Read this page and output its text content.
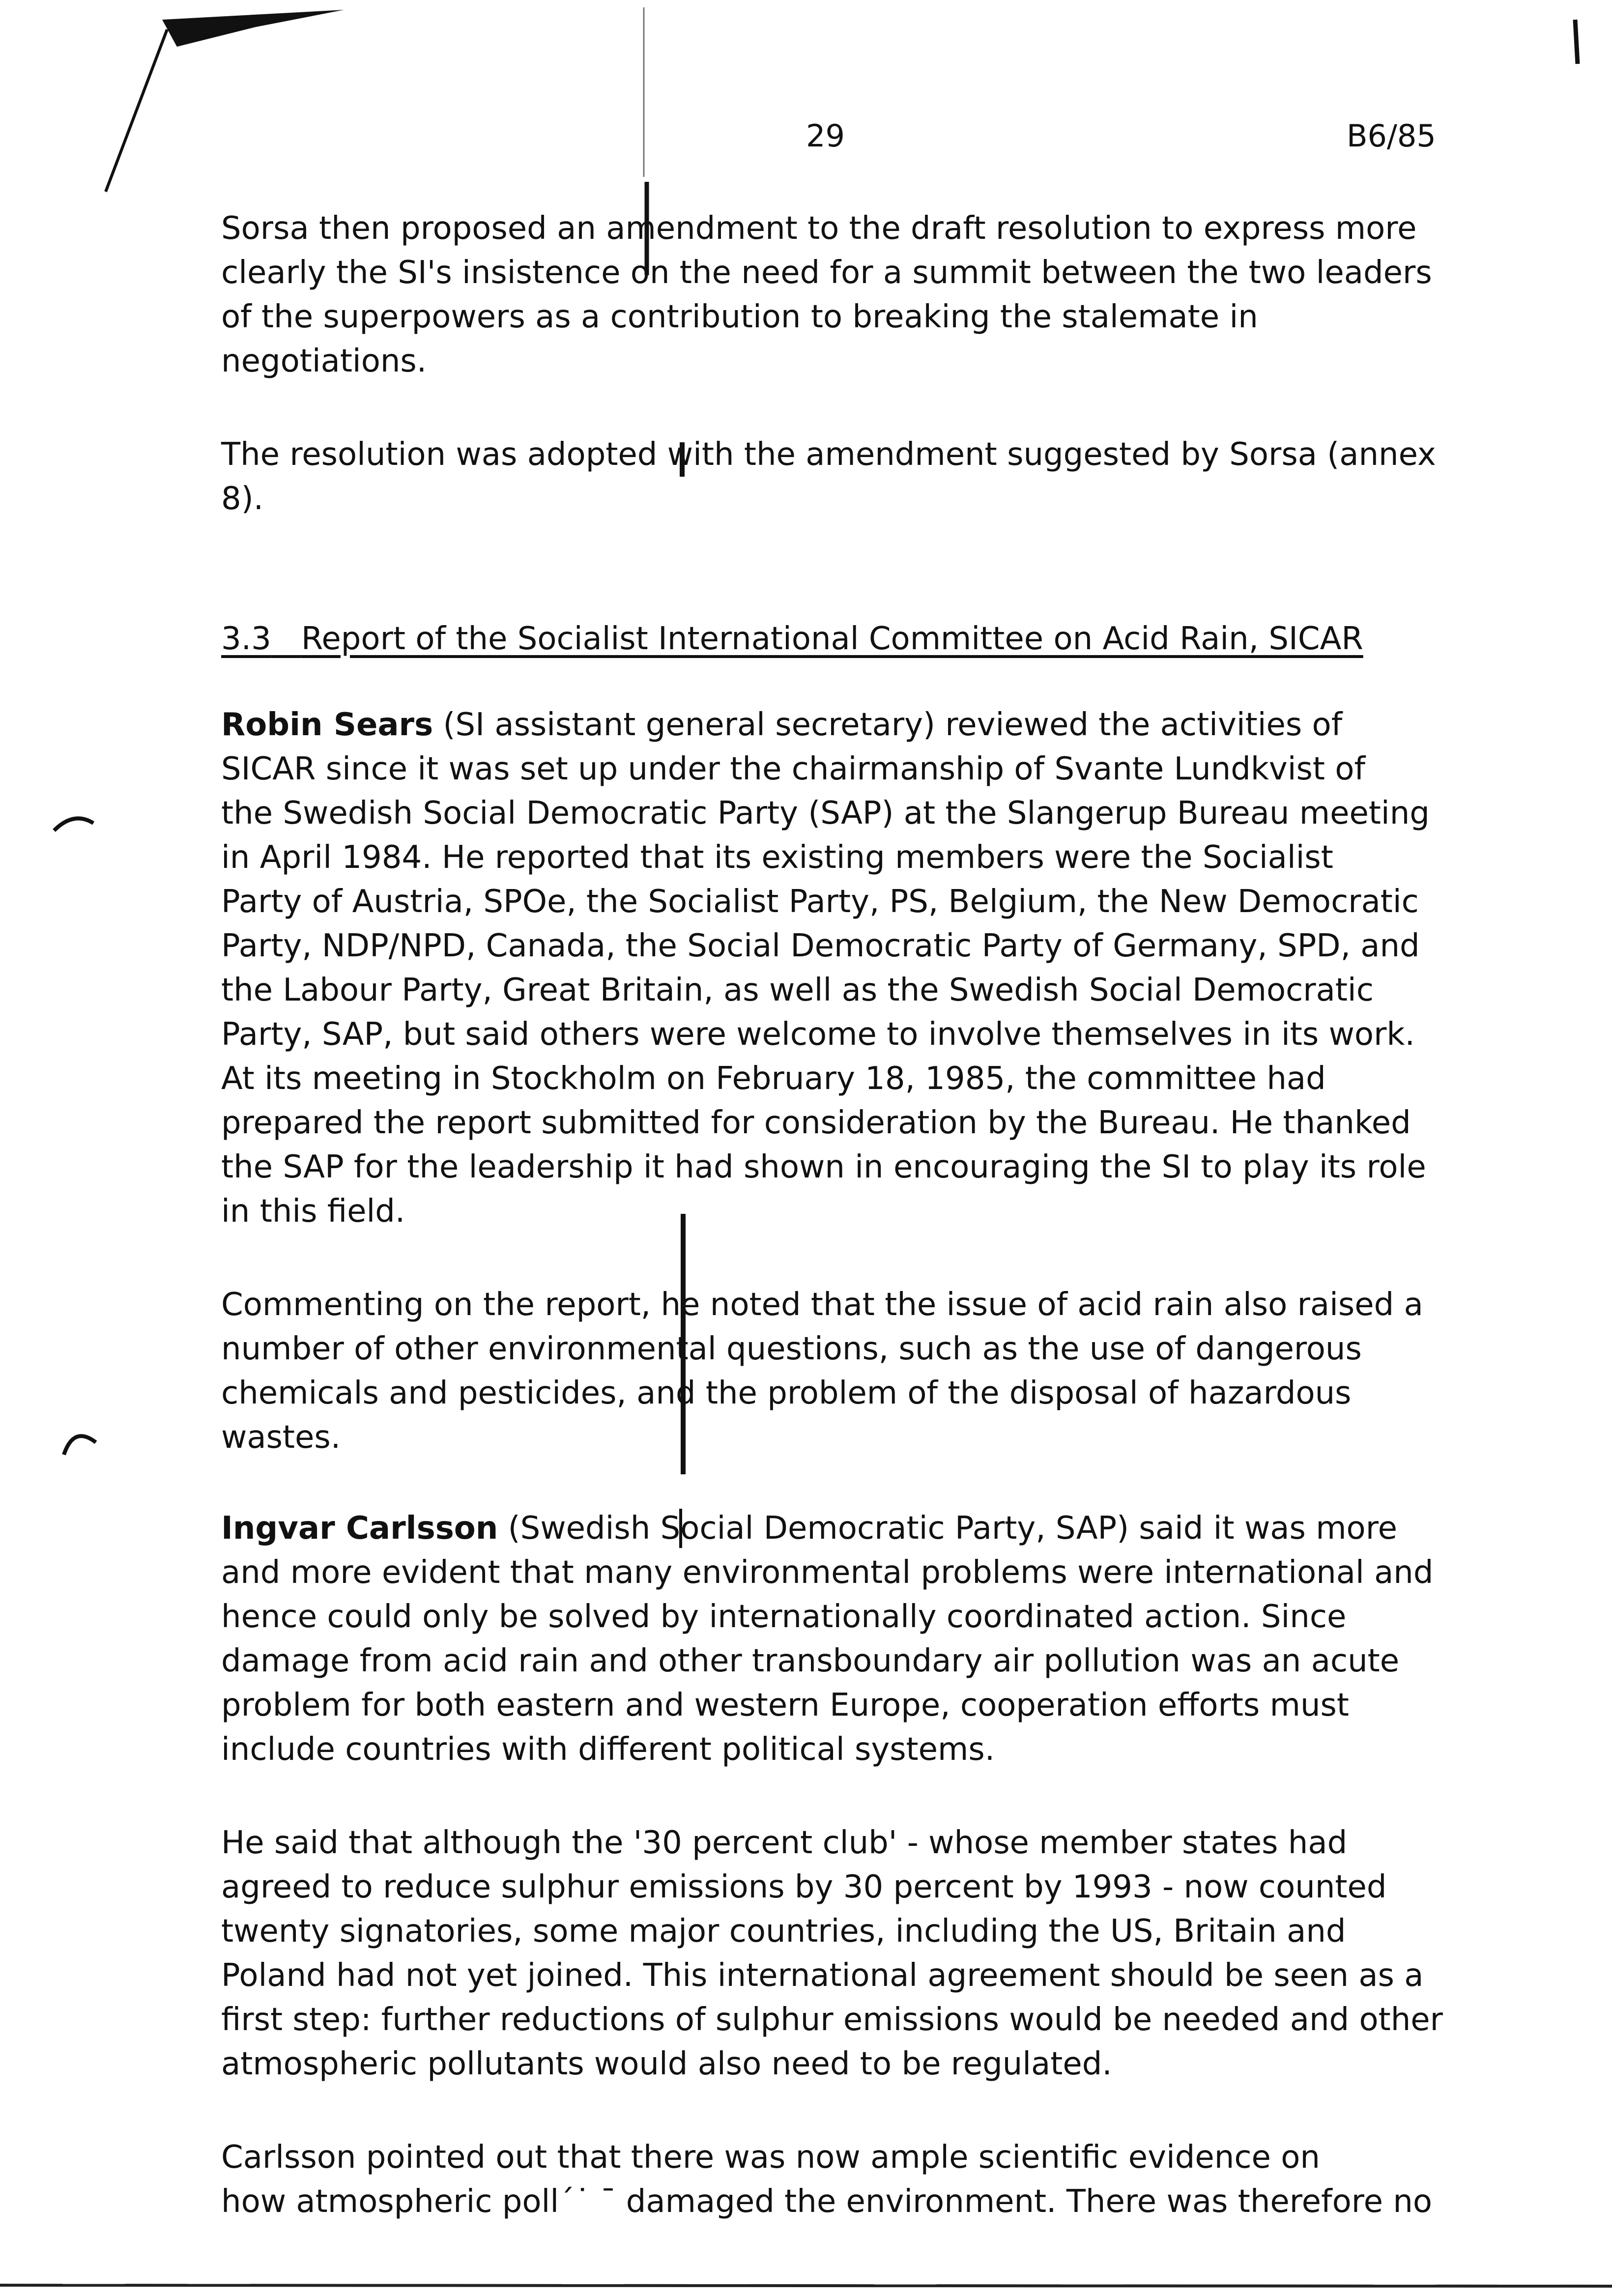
29	B6/85
Sorsa then proposed an amendment to the draft resolution to express more
clearly the SI's insistence on the need for a summit between the two leaders
of the superpowers as a contribution to breaking the stalemate in
negotiations.
The resolution was adopted with the amendment suggested by Sorsa (annex
8).
3.3 Report of the Socialist International Committee on Acid Rain, SICAR
Robin Sears (SI assistant general secretary) reviewed the activities of
SICAR since it was set up under the chairmanship of Svante Lundkvist of
the Swedish Social Democratic Party (SAP) at the Slangerup Bureau meeting
in April 1984. He reported that its existing members were the Socialist
Party of Austria, SPOe, the Socialist Party, PS, Belgium, the New Democratic
Party, NDP/NPD, Canada, the Social Democratic Party of Germany, SPD, and
the Labour Party, Great Britain, as well as the Swedish Social Democratic
Party, SAP, but said others were welcome to involve themselves in its work.
At its meeting in Stockholm on February 18, 1985, the committee had
prepared the report submitted for consideration by the Bureau. He thanked
the SAP for the leadership it had shown in encouraging the SI to play its role
in this field.
Commenting on the report, he noted that the issue of acid rain also raised a
number of other environmental questions, such as the use of dangerous
chemicals and pesticides, and the problem of the disposal of hazardous
wastes.
Ingvar Carlsson (Swedish Social Democratic Party, SAP) said it was more
and more evident that many environmental problems were international and
hence could only be solved by internationally coordinated action. Since
damage from acid rain and other transboundary air pollution was an acute
problem for both eastern and western Europe, cooperation efforts must
include countries with different political systems.
He said that although the '30 percent club' - whose member states had
agreed to reduce sulphur emissions by 30 percent by 1993 - now counted
twenty signatories, some major countries, including the US, Britain and
Poland had not yet joined. This international agreement should be seen as a
first step: further reductions of sulphur emissions would be needed and other
atmospheric pollutants would also need to be regulated.
Carlsson pointed out that there was now ample scientific evidence on
how atmospheric poll´˙ ˉ damaged the environment. There was therefore no
